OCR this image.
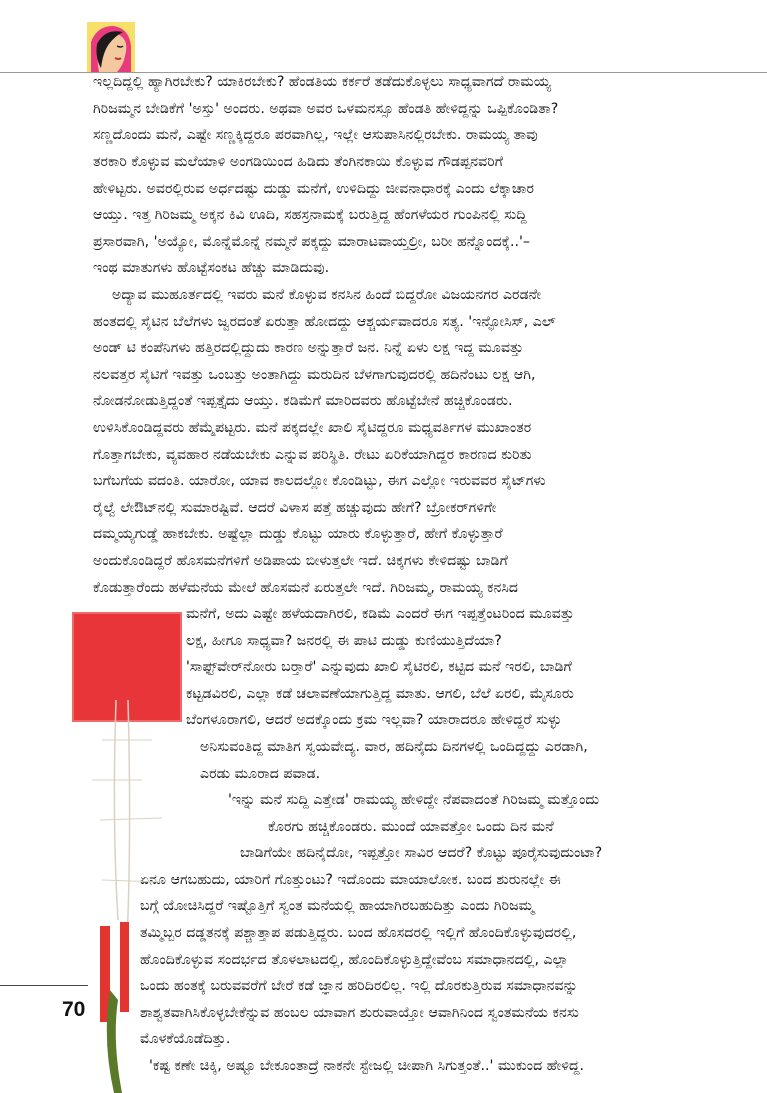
ಇಲ್ಲದಿದ್ದಲ್ಲಿ ಹ್ಯಾಗಿರಬೇಕು? ಯಾಕಿರಬೇಕು? ಹೆಂಡತಿಯ ಕರ್ಕರೆ ತಡೆದುಕೊಳ್ಳಲು ಸಾಧ್ಯವಾಗದೆ ರಾಮಯ್ಯ
ಗಿರಿಜಮ್ಮನ ಬೇಡಿಕೆಗೆ 'ಅಸ್ತು' ಅಂದರು. ಅಥವಾ ಅವರ ಒಳಮನಸ್ಸೂ ಹೆಂಡತಿ ಹೇಳಿದ್ದನ್ನು ಒಪ್ಪಿಕೊಂಡಿತಾ?
ಸಣ್ಣದೊಂದು ಮನೆ, ಎಷ್ಟೇ ಸಣ್ಣಕ್ಕಿದ್ದರೂ ಪರವಾಗಿಲ್ಲ, ಇಲ್ಲೇ ಆಸುಪಾಸಿನಲ್ಲಿರಬೇಕು. ರಾಮಯ್ಯ ತಾವು
ತರಕಾರಿ ಕೊಳ್ಳುವ ಮಲೆಯಾಳಿ ಅಂಗಡಿಯಿಂದ ಹಿಡಿದು ತೆಂಗಿನಕಾಯಿ ಕೊಳ್ಳುವ ಗೌಡಪ್ಪನವರಿಗೆ
ಹೇಳಿಟ್ಟರು. ಅವರಲ್ಲಿರುವ ಅರ್ಧದಷ್ಟು ದುಡ್ಡು ಮನೆಗೆ, ಉಳಿದಿದ್ದು ಜೀವನಾಧಾರಕ್ಕೆ ಎಂದು ಲೆಕ್ಕಾಚಾರ
ಆಯ್ತು. ಇತ್ತ ಗಿರಿಜಮ್ಮ ಅಕ್ಕನ ಕಿವಿ ಊದಿ, ಸಹಸ್ರನಾಮಕ್ಕೆ ಬರುತ್ತಿದ್ದ ಹೆಂಗಳೆಯರ ಗುಂಪಿನಲ್ಲಿ ಸುದ್ದಿ
ಪ್ರಸಾರವಾಗಿ, 'ಅಯ್ಯೋ, ಮೊನ್ನೆಮೊನ್ನೆ ನಮ್ಮನೆ ಪಕ್ಕದ್ದು ಮಾರಾಟವಾಯ್ತಲ್ರೀ, ಬರೀ ಹನ್ನೊಂದಕ್ಕೆ..'–
ಇಂಥ ಮಾತುಗಳು ಹೊಟ್ಟೆಸಂಕಟ ಹೆಚ್ಚು ಮಾಡಿದುವು.
ಅದ್ಯಾವ ಮುಹೂರ್ತದಲ್ಲಿ ಇವರು ಮನೆ ಕೊಳ್ಳುವ ಕನಸಿನ ಹಿಂದೆ ಬಿದ್ದರೋ ವಿಜಯನಗರ ಎರಡನೇ
ಹಂತದಲ್ಲಿ ಸೈಟಿನ ಬೆಲೆಗಳು ಜ್ವರದಂತೆ ಏರುತ್ತಾ ಹೋದದ್ದು ಆಶ್ಚರ್ಯವಾದರೂ ಸತ್ಯ. 'ಇನ್ಫೋಸಿಸ್, ಎಲ್
ಅಂಡ್ ಟಿ ಕಂಪೆನಿಗಳು ಹತ್ತಿರದಲ್ಲಿದ್ದುದು ಕಾರಣ ಅನ್ನುತ್ತಾರೆ ಜನ. ನಿನ್ನೆ ಏಳು ಲಕ್ಷ ಇದ್ದ ಮೂವತ್ತು
ನಲವತ್ತರ ಸೈಟಿಗೆ ಇವತ್ತು ಒಂಬತ್ತು ಅಂತಾಗಿದ್ದು ಮರುದಿನ ಬೆಳಗಾಗುವುದರಲ್ಲಿ ಹದಿನೆಂಟು ಲಕ್ಷ ಆಗಿ,
ನೋಡನೋಡುತ್ತಿದ್ದಂತೆ ಇಪ್ಪತ್ತೈದು ಆಯ್ತು. ಕಡಿಮೆಗೆ ಮಾರಿದವರು ಹೊಟ್ಟೆಬೇನೆ ಹಚ್ಚಿಕೊಂಡರು.
ಉಳಿಸಿಕೊಂಡಿದ್ದವರು ಹೆಮ್ಮೆಪಟ್ಟರು. ಮನೆ ಪಕ್ಕದಲ್ಲೇ ಖಾಲಿ ಸೈಟಿದ್ದರೂ ಮಧ್ಯವರ್ತಿಗಳ ಮುಖಾಂತರ
ಗೊತ್ತಾಗಬೇಕು, ವ್ಯವಹಾರ ನಡೆಯಬೇಕು ಎನ್ನುವ ಪರಿಸ್ಥಿತಿ. ರೇಟು ಏರಿಕೆಯಾಗಿದ್ದರ ಕಾರಣದ ಕುರಿತು
ಬಗೆಬಗೆಯ ವದಂತಿ. ಯಾರೋ, ಯಾವ ಕಾಲದಲ್ಲೋ ಕೊಂಡಿಟ್ಟು, ಈಗ ಎಲ್ಲೋ ಇರುವವರ ಸೈಟ್‌ಗಳು
ರೈಲ್ವೆ ಲೇಔಟ್‌ನಲ್ಲಿ ಸುಮಾರಷ್ಟಿವೆ. ಆದರೆ ವಿಳಾಸ ಪತ್ತೆ ಹಚ್ಚುವುದು ಹೇಗೆ? ಬ್ರೋಕರ್‌ಗಳಿಗೇ
ದಮ್ಮಯ್ಯಗುಡ್ಡೆ ಹಾಕಬೇಕು. ಅಷ್ಟೆಲ್ಲಾ ದುಡ್ಡು ಕೊಟ್ಟು ಯಾರು ಕೊಳ್ಳುತ್ತಾರೆ, ಹೇಗೆ ಕೊಳ್ಳುತ್ತಾರೆ
ಅಂದುಕೊಂಡಿದ್ದರೆ ಹೊಸಮನೆಗಳಿಗೆ ಅಡಿಪಾಯ ಬೀಳುತ್ತಲೇ ಇದೆ. ಚಿಕ್ಕಗಳು ಕೇಳಿದಷ್ಟು ಬಾಡಿಗೆ
ಕೊಡುತ್ತಾರೆಂದು ಹಳೆಮನೆಯ ಮೇಲೆ ಹೊಸಮನೆ ಏರುತ್ತಲೇ ಇದೆ. ಗಿರಿಜಮ್ಮ, ರಾಮಯ್ಯ ಕನಸಿದ
ಮನೆಗೆ, ಅದು ಎಷ್ಟೇ ಹಳೆಯದಾಗಿರಲಿ, ಕಡಿಮೆ ಎಂದರೆ ಈಗ ಇಪ್ಪತ್ತೆಂಟರಿಂದ ಮೂವತ್ತು
ಲಕ್ಷ, ಹೀಗೂ ಸಾಧ್ಯವಾ? ಜನರಲ್ಲಿ ಈ ಪಾಟಿ ದುಡ್ಡು ಕುಣಿಯುತ್ತಿದೆಯಾ?
'ಸಾಫ್ಟ್‌ವೇರ್‌ನೋರು ಬರ್‍ತಾರೆ' ಎನ್ನುವುದು ಖಾಲಿ ಸೈಟಿರಲಿ, ಕಟ್ಟಿದ ಮನೆ ಇರಲಿ, ಬಾಡಿಗೆ
ಕಟ್ಟಡವಿರಲಿ, ಎಲ್ಲಾ ಕಡೆ ಚಲಾವಣೆಯಾಗುತ್ತಿದ್ದ ಮಾತು. ಆಗಲಿ, ಬೆಲೆ ಏರಲಿ, ಮೈಸೂರು
ಬೆಂಗಳೂರಾಗಲಿ, ಆದರೆ ಅದಕ್ಕೊಂದು ಕ್ರಮ ಇಲ್ಲವಾ? ಯಾರಾದರೂ ಹೇಳಿದ್ದರೆ ಸುಳ್ಳು
ಅನಿಸುವಂತಿದ್ದ ಮಾತಿಗ ಸ್ವಯವೇದ್ಯ. ವಾರ, ಹದಿನೈದು ದಿನಗಳಲ್ಲಿ ಒಂದಿದ್ದದ್ದು ಎರಡಾಗಿ,
ಎರಡು ಮೂರಾದ ಪವಾಡ.
'ಇನ್ನು ಮನೆ ಸುದ್ದಿ ಎತ್ತೇಡ' ರಾಮಯ್ಯ ಹೇಳಿದ್ದೇ ನೆಪವಾದಂತೆ ಗಿರಿಜಮ್ಮ ಮತ್ತೊಂದು
ಕೊರಗು ಹಚ್ಚಿಕೊಂಡರು. ಮುಂದೆ ಯಾವತ್ತೋ ಒಂದು ದಿನ ಮನೆ
ಬಾಡಿಗೆಯೇ ಹದಿನೈದೋ, ಇಪ್ಪತ್ತೋ ಸಾವಿರ ಆದರೆ? ಕೊಟ್ಟು ಪೂರೈಸುವುದುಂಟಾ?
ಏನೂ ಆಗಬಹುದು, ಯಾರಿಗೆ ಗೊತ್ತುಂಟು? ಇದೊಂದು ಮಾಯಾಲೋಕ. ಬಂದ ಶುರುನಲ್ಲೇ ಈ
ಬಗ್ಗೆ ಯೋಚಿಸಿದ್ದರೆ ಇಷ್ಟೊತ್ತಿಗೆ ಸ್ವಂತ ಮನೆಯಲ್ಲಿ ಹಾಯಾಗಿರಬಹುದಿತ್ತು ಎಂದು ಗಿರಿಜಮ್ಮ
ತಮ್ಮಿಬ್ಬರ ದಡ್ಡತನಕ್ಕೆ ಪಶ್ಚಾತ್ತಾಪ ಪಡುತ್ತಿದ್ದರು. ಬಂದ ಹೊಸದರಲ್ಲಿ ಇಲ್ಲಿಗೆ ಹೊಂದಿಕೊಳ್ಳುವುದರಲ್ಲಿ,
ಹೊಂದಿಕೊಳ್ಳುವ ಸಂದರ್ಭದ ತೊಳಲಾಟದಲ್ಲಿ, ಹೊಂದಿಕೊಳ್ಳುತ್ತಿದ್ದೇವೆಂಬ ಸಮಾಧಾನದಲ್ಲಿ, ಎಲ್ಲಾ
ಒಂದು ಹಂತಕ್ಕೆ ಬರುವವರೆಗೆ ಬೇರೆ ಕಡೆ ಜ್ಞಾನ ಹರಿದಿರಲಿಲ್ಲ. ಇಲ್ಲಿ ದೊರಕುತ್ತಿರುವ ಸಮಾಧಾನವನ್ನು
ಶಾಶ್ವತವಾಗಿಸಿಕೊಳ್ಳಬೇಕೆನ್ನುವ ಹಂಬಲ ಯಾವಾಗ ಶುರುವಾಯ್ತೋ ಆವಾಗಿನಿಂದ ಸ್ವಂತಮನೆಯ ಕನಸು
ಮೊಳಕೆಯೊಡೆದಿತ್ತು.
'ಕಷ್ಟ ಕಣೇ ಚಿಕ್ಕಿ, ಅಷ್ಟೂ ಬೇಕೂಂತಾದ್ರೆ ನಾಕನೇ ಸ್ಟೇಜಲ್ಲಿ ಚೀಪಾಗಿ ಸಿಗುತ್ತಂತೆ..' ಮುಕುಂದ ಹೇಳಿದ್ದ.
70
